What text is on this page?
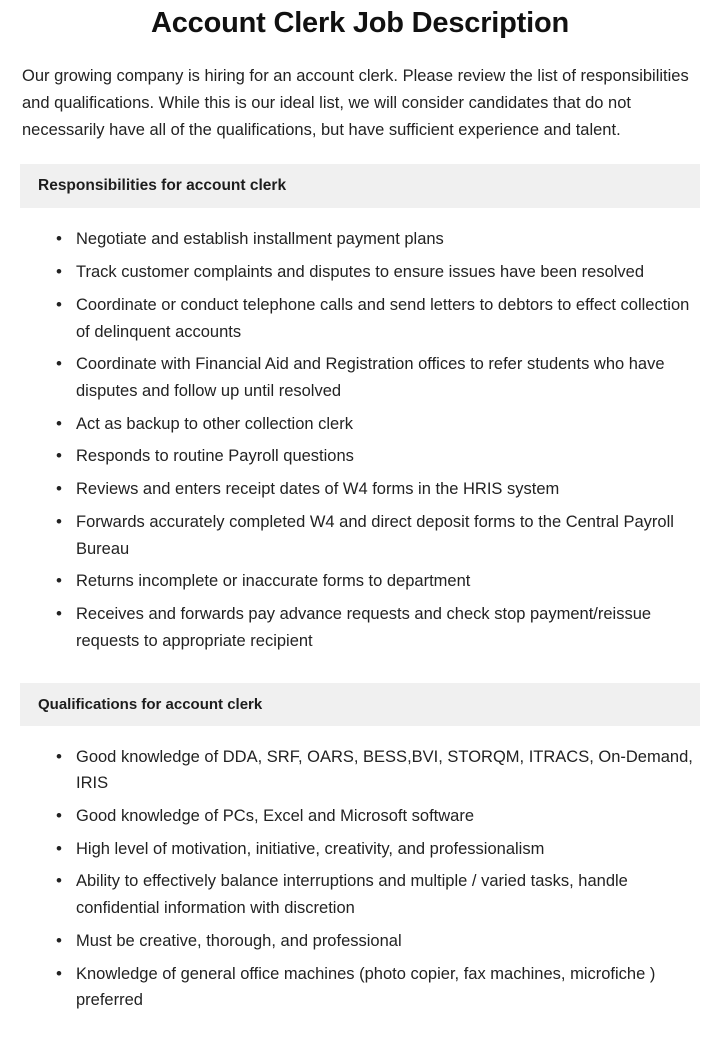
Account Clerk Job Description

Our growing company is hiring for an account clerk. Please review the list of responsibilities and qualifications. While this is our ideal list, we will consider candidates that do not necessarily have all of the qualifications, but have sufficient experience and talent.

Responsibilities for account clerk
• Negotiate and establish installment payment plans
• Track customer complaints and disputes to ensure issues have been resolved
• Coordinate or conduct telephone calls and send letters to debtors to effect collection of delinquent accounts
• Coordinate with Financial Aid and Registration offices to refer students who have disputes and follow up until resolved
• Act as backup to other collection clerk
• Responds to routine Payroll questions
• Reviews and enters receipt dates of W4 forms in the HRIS system
• Forwards accurately completed W4 and direct deposit forms to the Central Payroll Bureau
• Returns incomplete or inaccurate forms to department
• Receives and forwards pay advance requests and check stop payment/reissue requests to appropriate recipient
Qualifications for account clerk
• Good knowledge of DDA, SRF, OARS, BESS,BVI, STORQM, ITRACS, On-Demand, IRIS
• Good knowledge of PCs, Excel and Microsoft software
• High level of motivation, initiative, creativity, and professionalism
• Ability to effectively balance interruptions and multiple / varied tasks, handle confidential information with discretion
• Must be creative, thorough, and professional
• Knowledge of general office machines (photo copier, fax machines, microfiche ) preferred
